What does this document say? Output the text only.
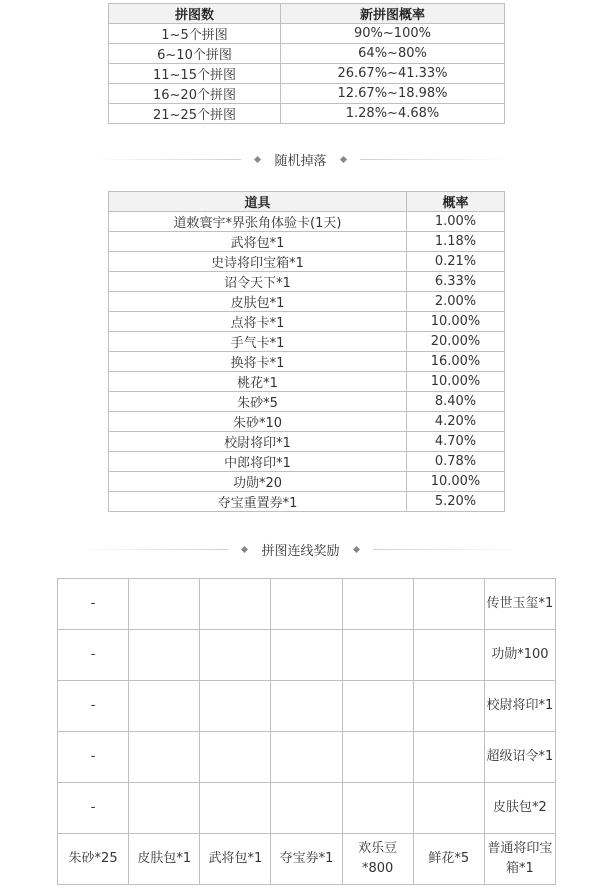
拼图数	新拼图概率
1~5个拼图	90%~100%
6~10个拼图	64%~80%
11~15个拼图	26.67%~41.33%
16~20个拼图	12.67%~18.98%
21~25个拼图	1.28%~4.68%
随机掉落
道具	概率
道敕寰宇*界张角体验卡(1天)	1.00%
武将包*1	1.18%
史诗将印宝箱*1	0.21%
诏令天下*1	6.33%
皮肤包*1	2.00%
点将卡*1	10.00%
手气卡*1	20.00%
换将卡*1	16.00%
桃花*1	10.00%
朱砂*5	8.40%
朱砂*10	4.20%
校尉将印*1	4.70%
中郎将印*1	0.78%
功勋*20	10.00%
夺宝重置券*1	5.20%
拼图连线奖励
-						传世玉玺*1
-						功勋*100
-						校尉将印*1
-						超级诏令*1
-						皮肤包*2
朱砂*25	皮肤包*1	武将包*1	夺宝券*1	欢乐豆*800	鲜花*5	普通将印宝箱*1
